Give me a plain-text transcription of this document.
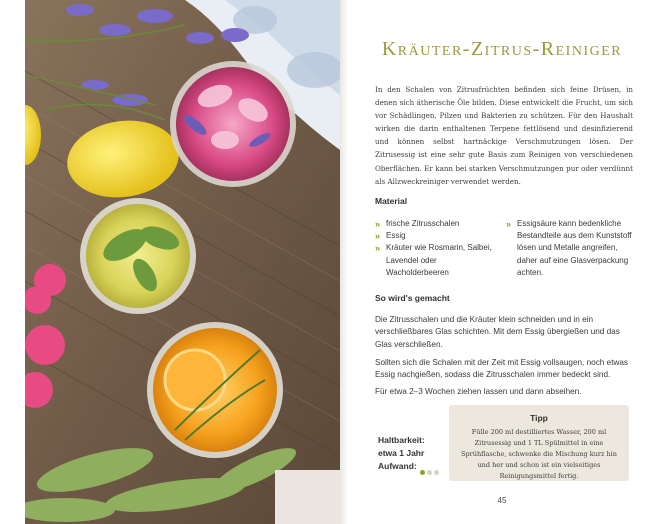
Kräuter-Zitrus-Reiniger

In den Schalen von Zitrusfrüchten befinden sich feine Drüsen, in denen sich ätherische Öle bilden. Diese entwickelt die Frucht, um sich vor Schädlingen, Pilzen und Bakterien zu schützen. Für den Haushalt wirken die darin enthaltenen Terpene fettlösend und desinfizierend und können selbst hartnäckige Verschmutzungen lösen. Der Zitrusessig ist eine sehr gute Basis zum Reinigen von verschiedenen Oberflächen. Er kann bei starken Verschmutzungen pur oder verdünnt als Allzweckreiniger verwendet werden.

Material
» frische Zitrusschalen
» Essig
» Kräuter wie Rosmarin, Salbei, Lavendel oder Wacholderbeeren
» Essigsäure kann bedenkliche Bestandteile aus dem Kunststoff lösen und Metalle angreifen, daher auf eine Glasverpackung achten.
So wird's gemacht

Die Zitrusschalen und die Kräuter klein schneiden und in ein verschließbares Glas schichten. Mit dem Essig übergießen und das Glas verschließen.

Sollten sich die Schalen mit der Zeit mit Essig vollsaugen, noch etwas Essig nachgießen, sodass die Zitrusschalen immer bedeckt sind.

Für etwa 2–3 Wochen ziehen lassen und dann abseihen.

Haltbarkeit:
etwa 1 Jahr
Aufwand:
Tipp

Fülle 200 ml destilliertes Wasser, 200 ml Zitrusessig und 1 TL Spülmittel in eine Sprühflasche, schwenke die Mischung kurz hin und her und schon ist ein vielseitiges Reinigungsmittel fertig.

45
